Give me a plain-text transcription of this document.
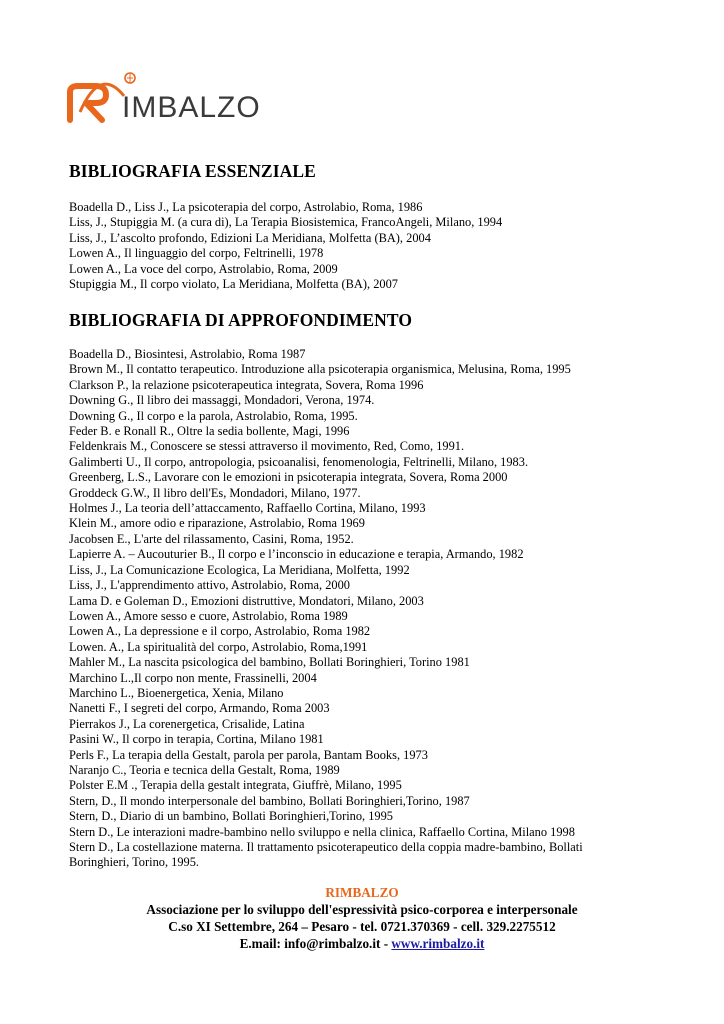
IMBALZO
BIBLIOGRAFIA ESSENZIALE
Boadella D., Liss J., La psicoterapia del corpo, Astrolabio, Roma, 1986
Liss, J., Stupiggia M. (a cura di), La Terapia Biosistemica, FrancoAngeli, Milano, 1994
Liss, J., L’ascolto profondo, Edizioni La Meridiana, Molfetta (BA), 2004
Lowen A., Il linguaggio del corpo, Feltrinelli, 1978
Lowen A., La voce del corpo, Astrolabio, Roma, 2009
Stupiggia M., Il corpo violato, La Meridiana, Molfetta (BA), 2007
BIBLIOGRAFIA DI APPROFONDIMENTO
Boadella D., Biosintesi, Astrolabio, Roma 1987
Brown M., Il contatto terapeutico. Introduzione alla psicoterapia organismica, Melusina, Roma, 1995
Clarkson P., la relazione psicoterapeutica integrata, Sovera, Roma 1996
Downing G., Il libro dei massaggi, Mondadori, Verona, 1974.
Downing G., Il corpo e la parola, Astrolabio, Roma, 1995.
Feder B. e Ronall R., Oltre la sedia bollente, Magi, 1996
Feldenkrais M., Conoscere se stessi attraverso il movimento, Red, Como, 1991.
Galimberti U., Il corpo, antropologia, psicoanalisi, fenomenologia, Feltrinelli, Milano, 1983.
Greenberg, L.S., Lavorare con le emozioni in psicoterapia integrata, Sovera, Roma 2000
Groddeck G.W., Il libro dell'Es, Mondadori, Milano, 1977.
Holmes J., La teoria dell’attaccamento, Raffaello Cortina, Milano, 1993
Klein M., amore odio e riparazione, Astrolabio, Roma 1969
Jacobsen E., L'arte del rilassamento, Casini, Roma, 1952.
Lapierre A. – Aucouturier B., Il corpo e l’inconscio in educazione e terapia, Armando, 1982
Liss, J., La Comunicazione Ecologica, La Meridiana, Molfetta, 1992
Liss, J., L'apprendimento attivo, Astrolabio, Roma, 2000
Lama D. e Goleman D., Emozioni distruttive, Mondatori, Milano, 2003
Lowen A., Amore sesso e cuore, Astrolabio, Roma 1989
Lowen A., La depressione e il corpo, Astrolabio, Roma 1982
Lowen. A., La spiritualità del corpo, Astrolabio, Roma,1991
Mahler M., La nascita psicologica del bambino, Bollati Boringhieri, Torino 1981
Marchino L.,Il corpo non mente, Frassinelli, 2004
Marchino L., Bioenergetica, Xenia, Milano
Nanetti F., I segreti del corpo, Armando, Roma 2003
Pierrakos J., La corenergetica, Crisalide, Latina
Pasini W., Il corpo in terapia, Cortina, Milano 1981
Perls F., La terapia della Gestalt, parola per parola, Bantam Books, 1973
Naranjo C., Teoria e tecnica della Gestalt, Roma, 1989
Polster E.M ., Terapia della gestalt integrata, Giuffrè, Milano, 1995
Stern, D., Il mondo interpersonale del bambino, Bollati Boringhieri,Torino, 1987
Stern, D., Diario di un bambino, Bollati Boringhieri,Torino, 1995
Stern D., Le interazioni madre-bambino nello sviluppo e nella clinica, Raffaello Cortina, Milano 1998
Stern D., La costellazione materna. Il trattamento psicoterapeutico della coppia madre-bambino, Bollati Boringhieri, Torino, 1995.
RIMBALZO
Associazione per lo sviluppo dell'espressività psico-corporea e interpersonale
C.so XI Settembre, 264 – Pesaro - tel. 0721.370369 - cell. 329.2275512
E.mail: info@rimbalzo.it - www.rimbalzo.it
